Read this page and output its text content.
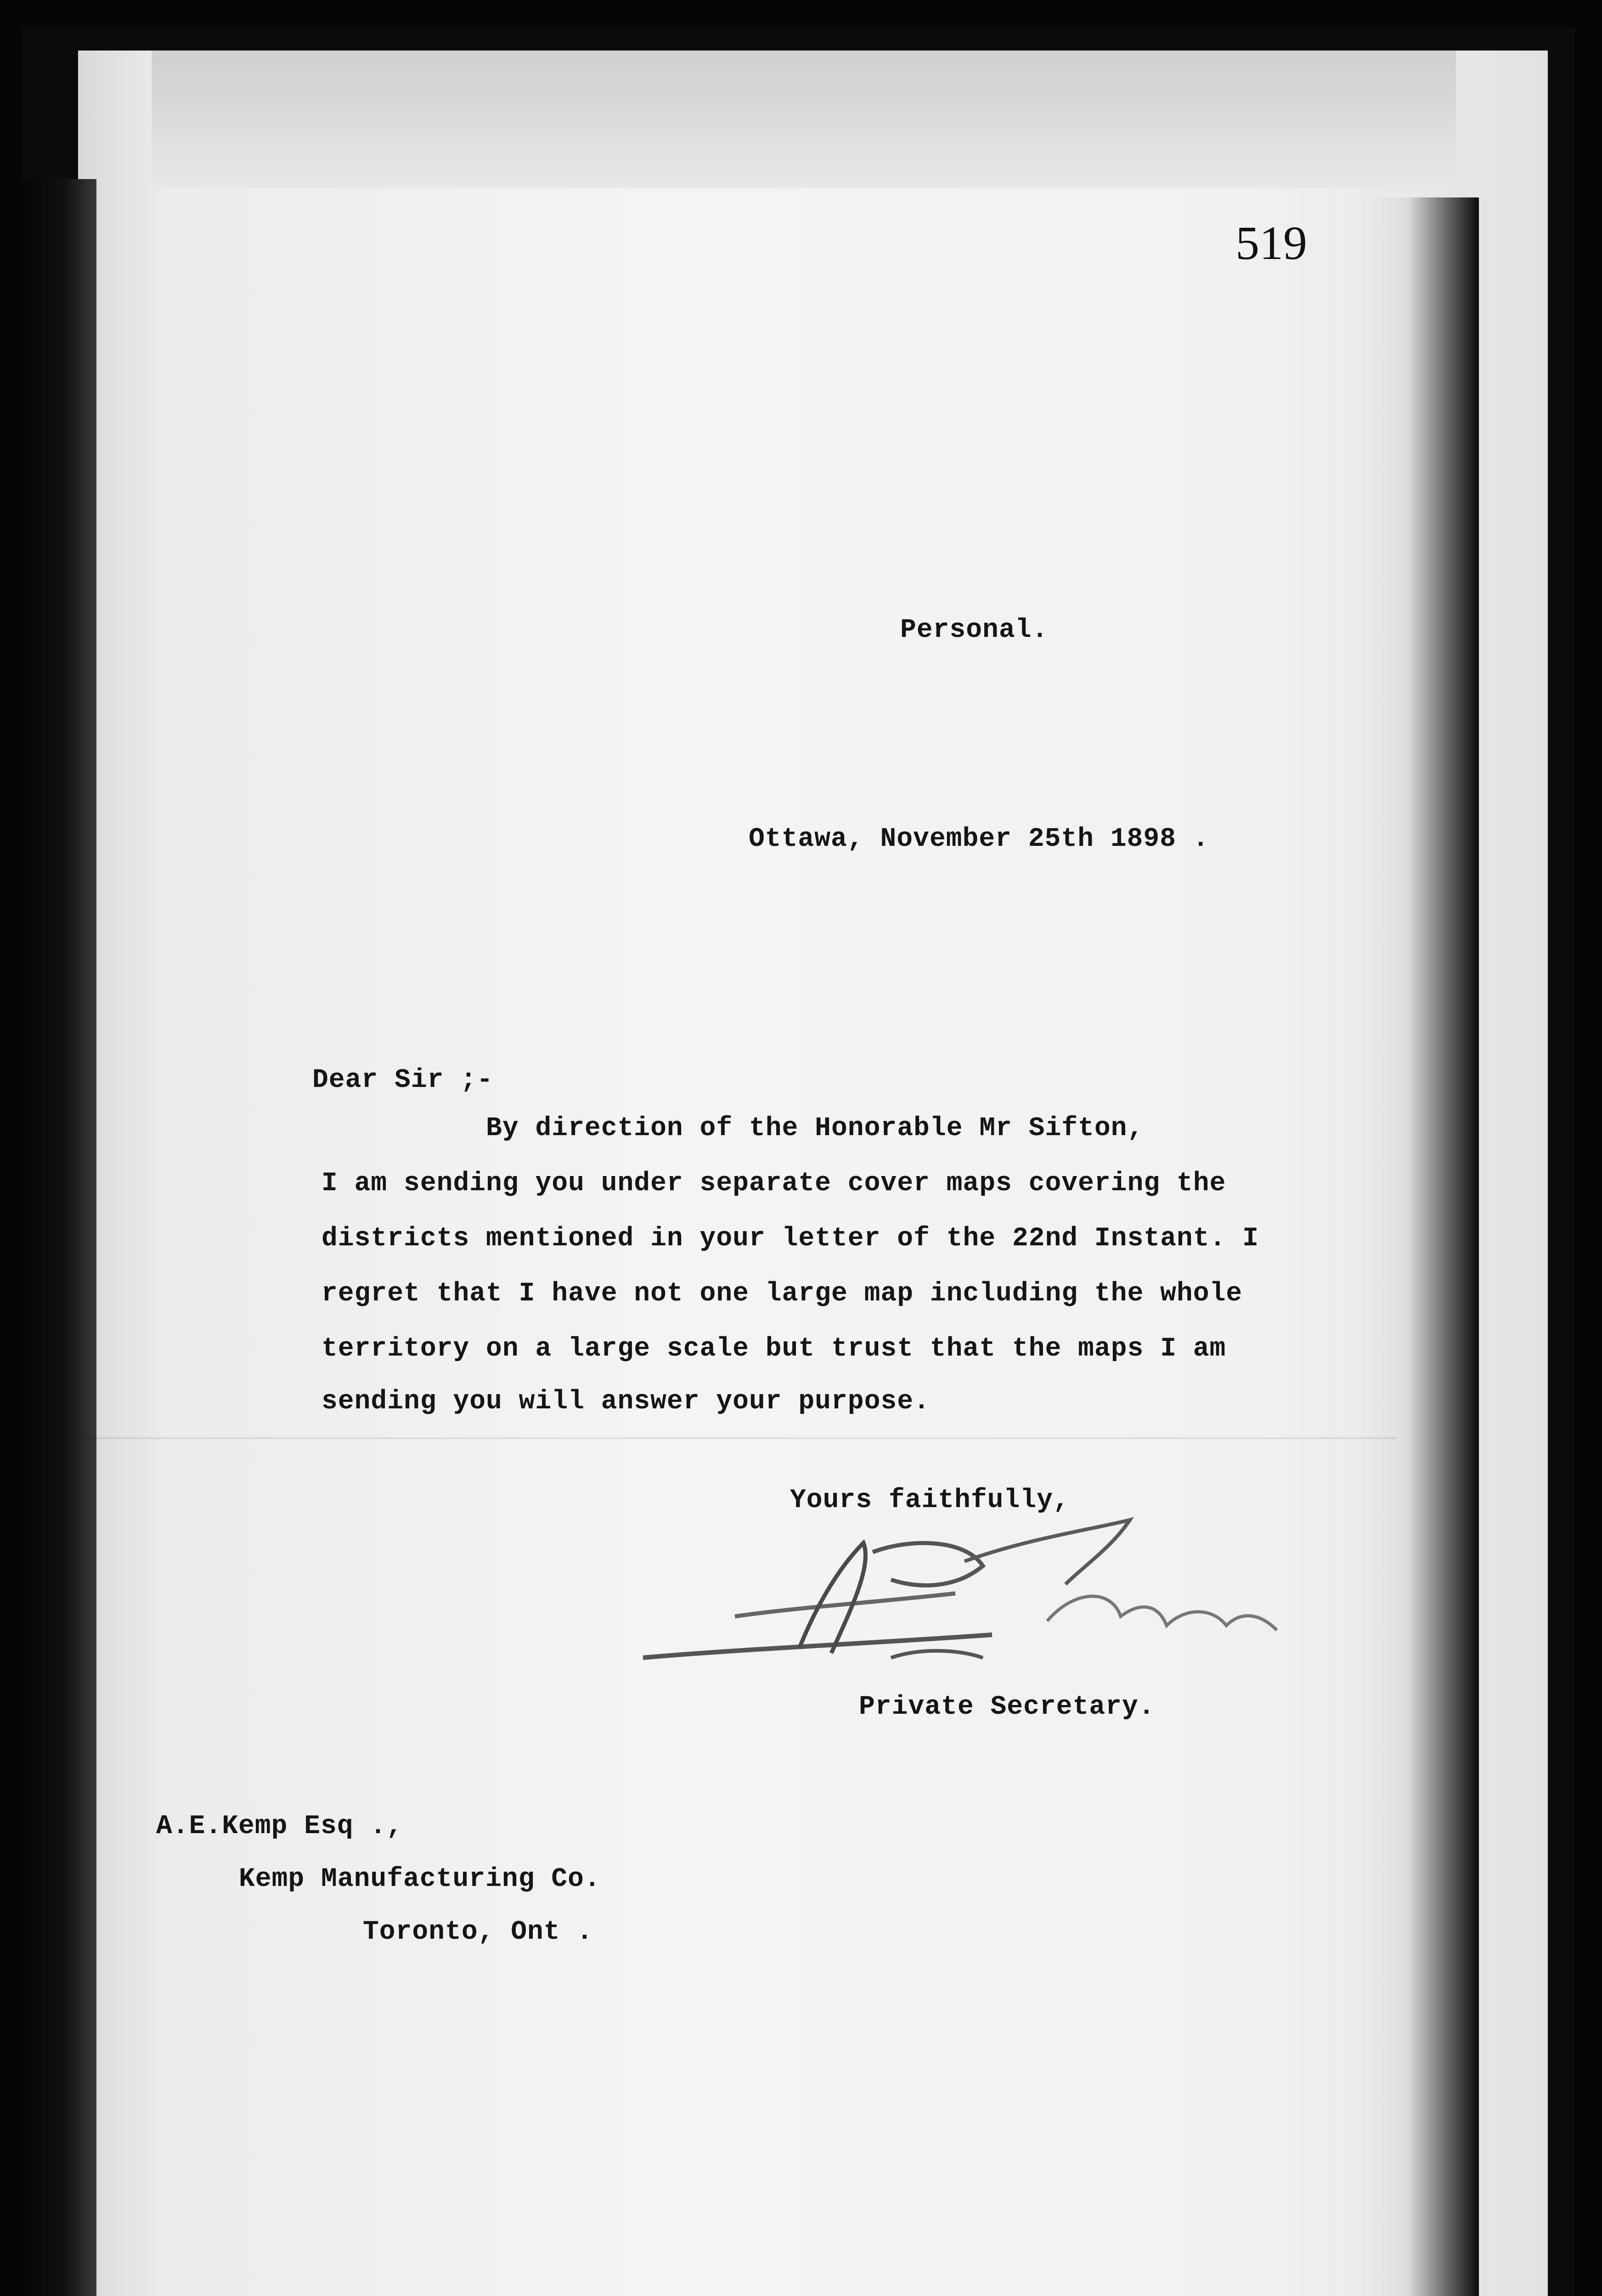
519
Personal.
Ottawa, November 25th 1898 .
Dear Sir ;-
By direction of the Honorable Mr Sifton,
I am sending you under separate cover maps covering the
districts mentioned in your letter of the 22nd Instant. I
regret that I have not one large map including the whole
territory on a large scale but trust that the maps I am
sending you will answer your purpose.
Yours faithfully,
Private Secretary.
A.E.Kemp Esq .,
Kemp Manufacturing Co.
Toronto, Ont .
